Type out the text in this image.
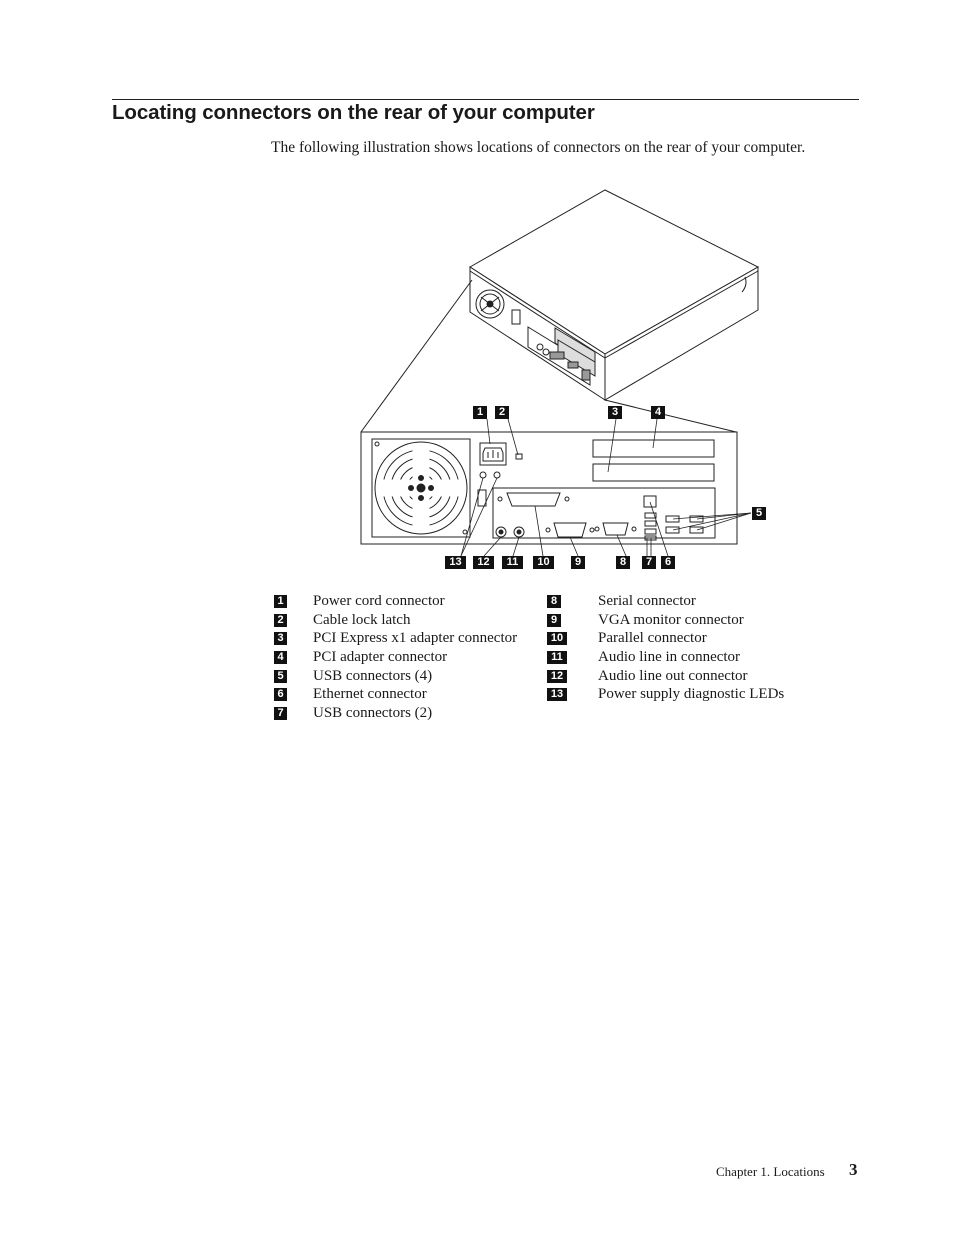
Locating connectors on the rear of your computer

The following illustration shows locations of connectors on the rear of your computer.

1	2	3	4
5
6
7
8
9
10
11
12
13
1 Power cord connector
2 Cable lock latch
3 PCI Express x1 adapter connector
4 PCI adapter connector
5 USB connectors (4)
6 Ethernet connector
7 USB connectors (2)
8	Serial connector
9	VGA monitor connector
10 Parallel connector
11 Audio line in connector
12 Audio line out connector
13 Power supply diagnostic LEDs
Chapter 1. Locations 3
